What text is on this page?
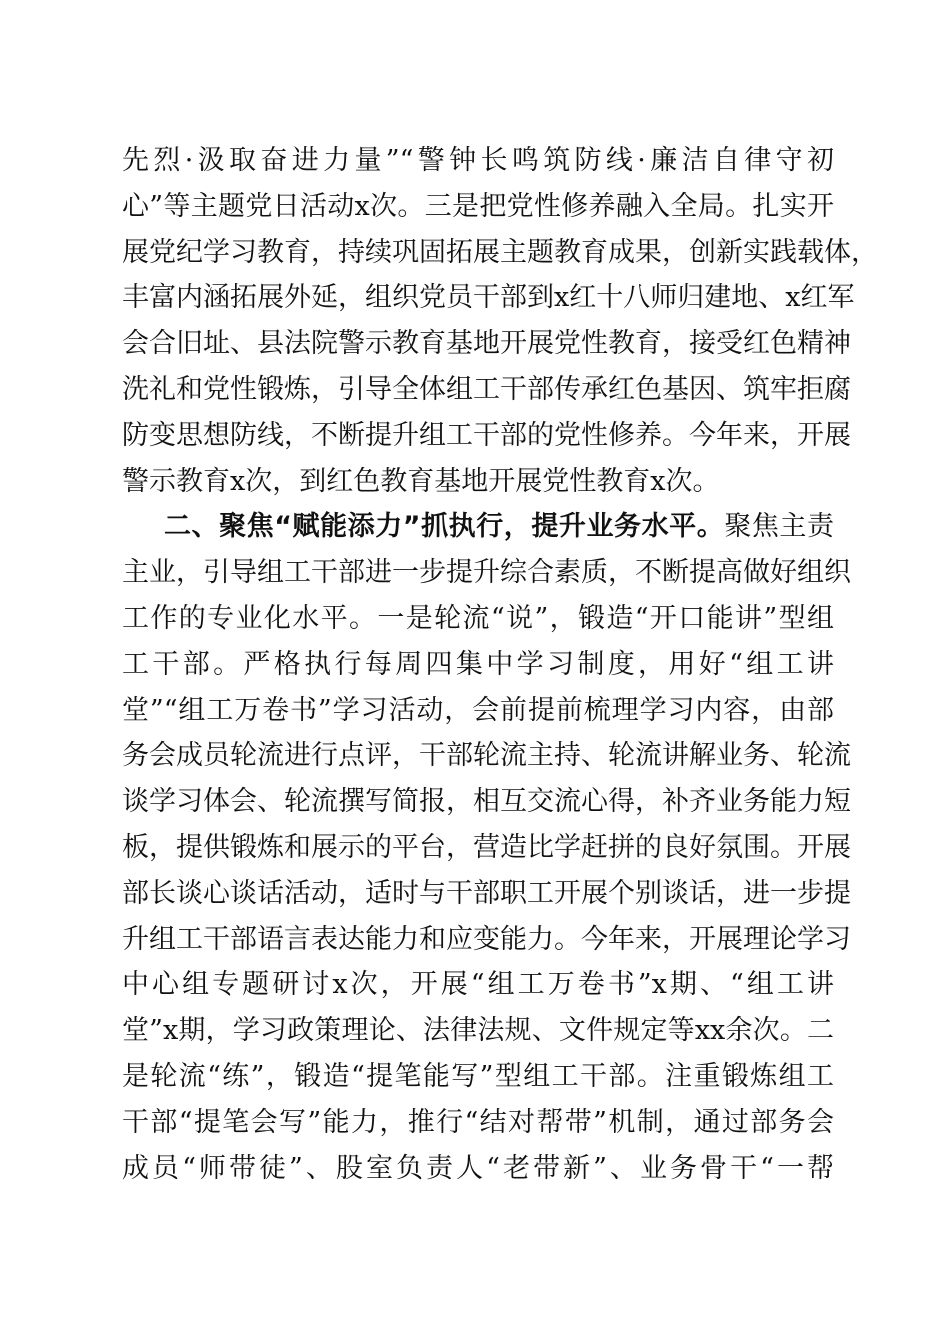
先烈·汲取奋进力量”“警钟长鸣筑防线·廉洁自律守初
心”等主题党日活动x次。三是把党性修养融入全局。扎实开
展党纪学习教育，持续巩固拓展主题教育成果，创新实践载体，
丰富内涵拓展外延，组织党员干部到x红十八师归建地、x红军
会合旧址、县法院警示教育基地开展党性教育，接受红色精神
洗礼和党性锻炼，引导全体组工干部传承红色基因、筑牢拒腐
防变思想防线，不断提升组工干部的党性修养。今年来，开展
警示教育x次，到红色教育基地开展党性教育x次。
二、聚焦“赋能添力”抓执行，提升业务水平。聚焦主责
主业，引导组工干部进一步提升综合素质，不断提高做好组织
工作的专业化水平。一是轮流“说”，锻造“开口能讲”型组
工干部。严格执行每周四集中学习制度，用好“组工讲
堂”“组工万卷书”学习活动，会前提前梳理学习内容，由部
务会成员轮流进行点评，干部轮流主持、轮流讲解业务、轮流
谈学习体会、轮流撰写简报，相互交流心得，补齐业务能力短
板，提供锻炼和展示的平台，营造比学赶拼的良好氛围。开展
部长谈心谈话活动，适时与干部职工开展个别谈话，进一步提
升组工干部语言表达能力和应变能力。今年来，开展理论学习
中心组专题研讨x次，开展“组工万卷书”x期、“组工讲
堂”x期，学习政策理论、法律法规、文件规定等xx余次。二
是轮流“练”，锻造“提笔能写”型组工干部。注重锻炼组工
干部“提笔会写”能力，推行“结对帮带”机制，通过部务会
成员“师带徒”、股室负责人“老带新”、业务骨干“一帮
